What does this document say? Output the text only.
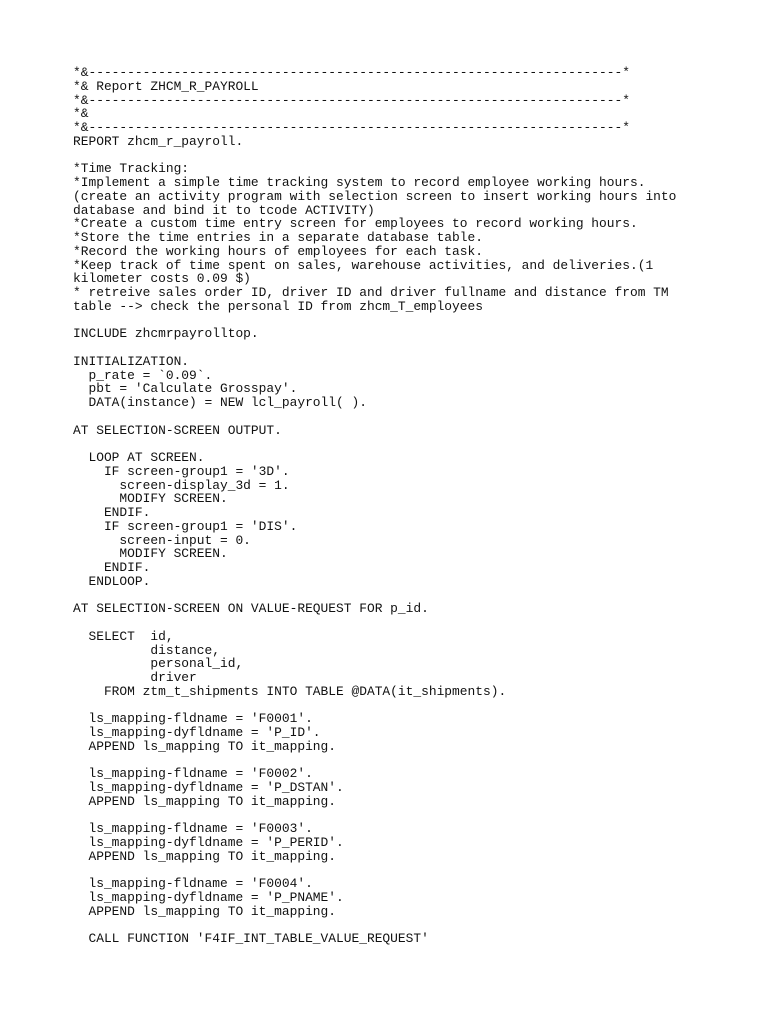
*&---------------------------------------------------------------------*
*& Report ZHCM_R_PAYROLL
*&---------------------------------------------------------------------*
*&
*&---------------------------------------------------------------------*
REPORT zhcm_r_payroll.
*Time Tracking:
*Implement a simple time tracking system to record employee working hours.
(create an activity program with selection screen to insert working hours into
database and bind it to tcode ACTIVITY)
*Create a custom time entry screen for employees to record working hours.
*Store the time entries in a separate database table.
*Record the working hours of employees for each task.
*Keep track of time spent on sales, warehouse activities, and deliveries.(1
kilometer costs 0.09 $)
* retreive sales order ID, driver ID and driver fullname and distance from TM
table --> check the personal ID from zhcm_T_employees
INCLUDE zhcmrpayrolltop.
INITIALIZATION.
p_rate = `0.09`.
pbt = 'Calculate Grosspay'.
DATA(instance) = NEW lcl_payroll( ).
AT SELECTION-SCREEN OUTPUT.
LOOP AT SCREEN.
IF screen-group1 = '3D'.
screen-display_3d = 1.
MODIFY SCREEN.
ENDIF.
IF screen-group1 = 'DIS'.
screen-input = 0.
MODIFY SCREEN.
ENDIF.
ENDLOOP.
AT SELECTION-SCREEN ON VALUE-REQUEST FOR p_id.
SELECT  id,
distance,
personal_id,
driver
FROM ztm_t_shipments INTO TABLE @DATA(it_shipments).
ls_mapping-fldname = 'F0001'.
ls_mapping-dyfldname = 'P_ID'.
APPEND ls_mapping TO it_mapping.
ls_mapping-fldname = 'F0002'.
ls_mapping-dyfldname = 'P_DSTAN'.
APPEND ls_mapping TO it_mapping.
ls_mapping-fldname = 'F0003'.
ls_mapping-dyfldname = 'P_PERID'.
APPEND ls_mapping TO it_mapping.
ls_mapping-fldname = 'F0004'.
ls_mapping-dyfldname = 'P_PNAME'.
APPEND ls_mapping TO it_mapping.
CALL FUNCTION 'F4IF_INT_TABLE_VALUE_REQUEST'
